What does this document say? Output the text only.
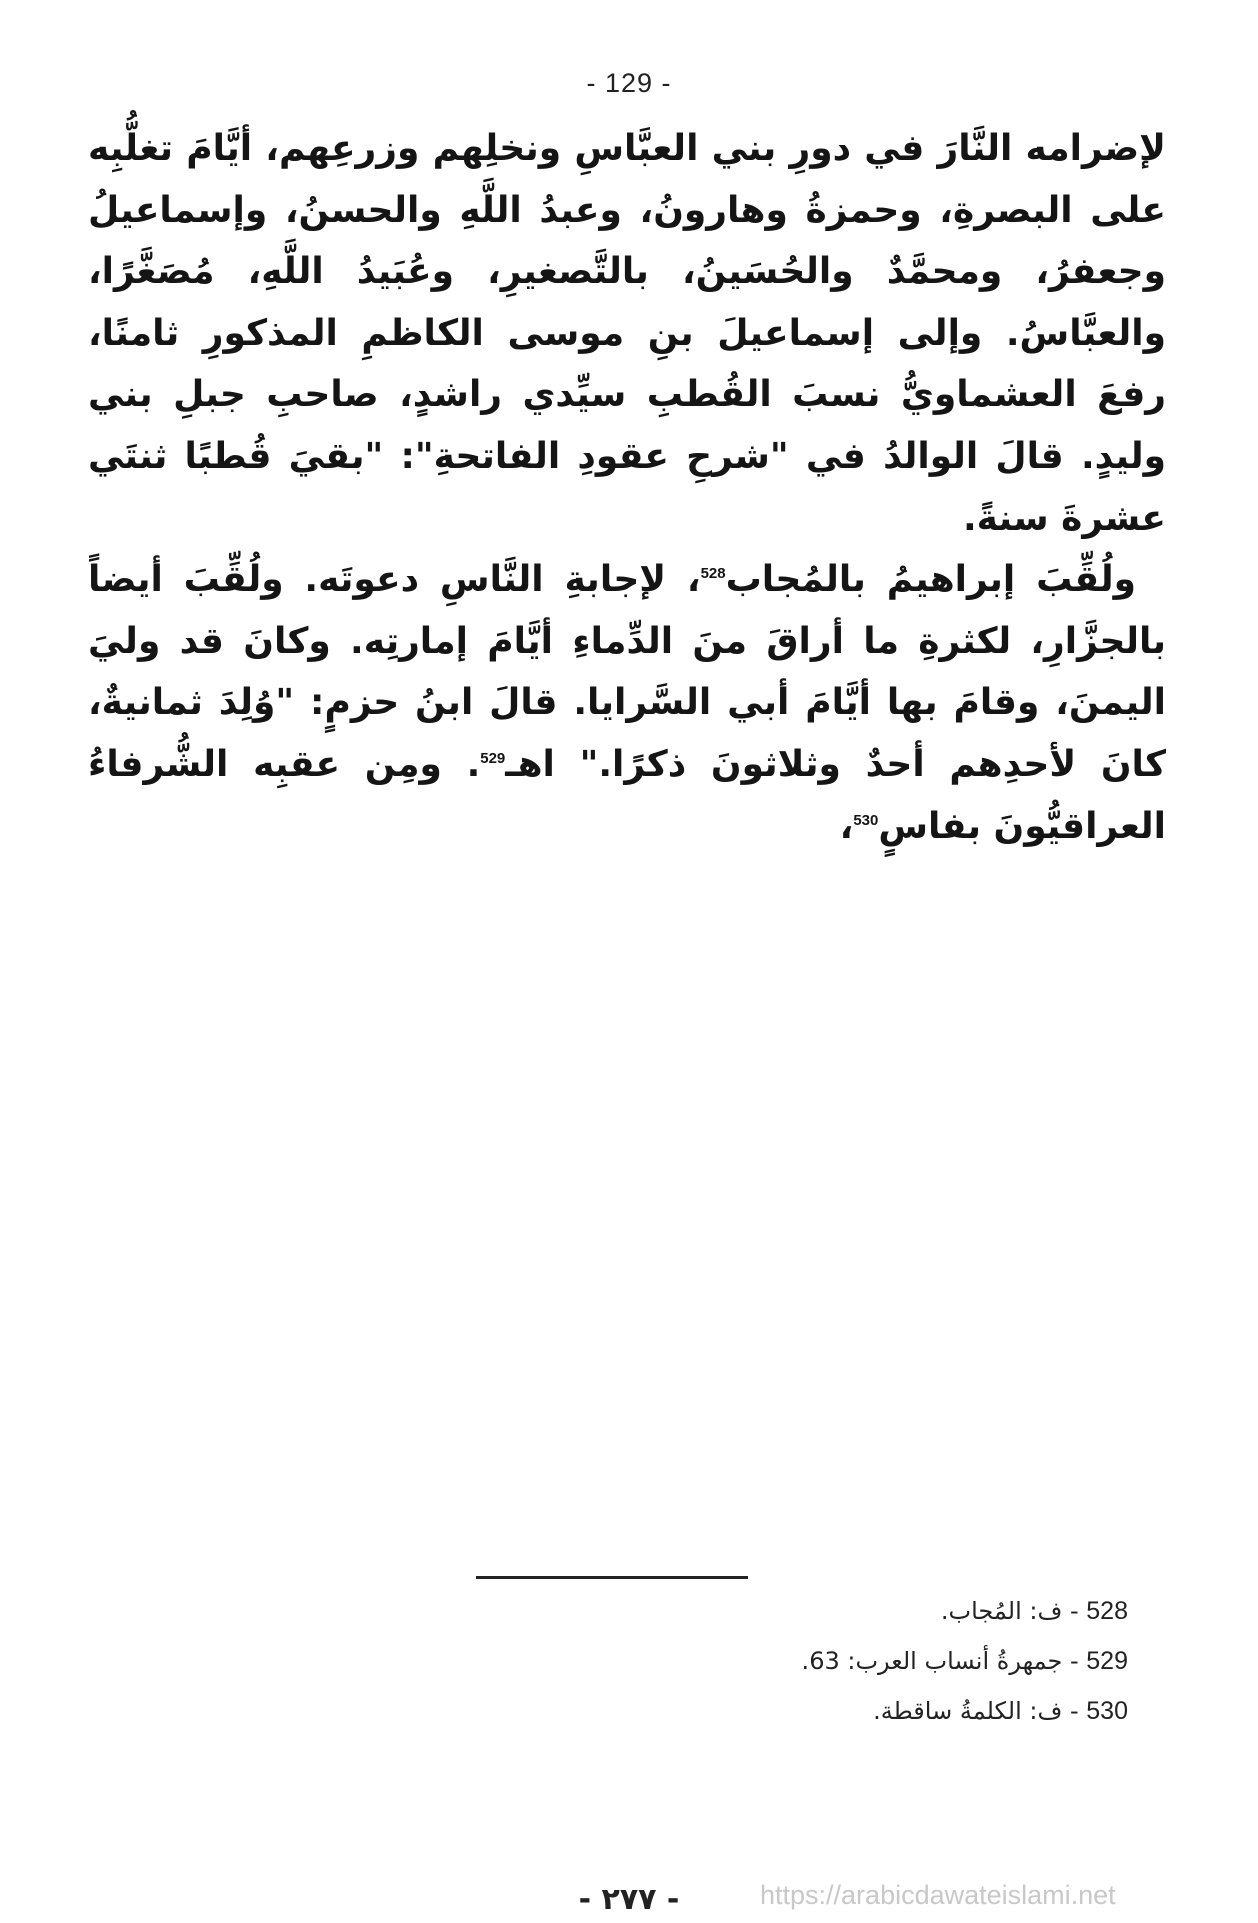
- 129 -

لإضرامه النَّارَ في دورِ بني العبَّاسِ ونخلِهم وزرعِهم، أيَّامَ تغلُّبِه على البصرةِ، وحمزةُ وهارونُ، وعبدُ اللَّهِ والحسنُ، وإسماعيلُ وجعفرُ، ومحمَّدٌ والحُسَينُ، بالتَّصغيرِ، وعُبَيدُ اللَّهِ، مُصَغَّرًا، والعبَّاسُ. وإلى إسماعيلَ بنِ موسى الكاظمِ المذكورِ ثامنًا، رفعَ العشماويُّ نسبَ القُطبِ سيِّدي راشدٍ، صاحبِ جبلِ بني وليدٍ. قالَ الوالدُ في "شرحِ عقودِ الفاتحةِ": "بقيَ قُطبًا ثنتَي عشرةَ سنةً.

ولُقِّبَ إبراهيمُ بالمُجاب$^{528}$، لإجابةِ النَّاسِ دعوتَه. ولُقِّبَ أيضاً بالجزَّارِ، لكثرةِ ما أراقَ منَ الدِّماءِ أيَّامَ إمارتِه. وكانَ قد وليَ اليمنَ، وقامَ بها أيَّامَ أبي السَّرايا. قالَ ابنُ حزمٍ: "وُلِدَ ثمانيةٌ، كانَ لأحدِهم أحدٌ وثلاثونَ ذكرًا." اهـ$^{529}$. ومِن عقبِه الشُّرفاءُ العراقيُّونَ بفاسٍ$^{530}$،

528 - ف: المُجاب.
529 - جمهرةُ أنساب العرب: 63.
530 - ف: الكلمةُ ساقطة.
- ٢٧٧ -	https://arabicdawateislami.net
